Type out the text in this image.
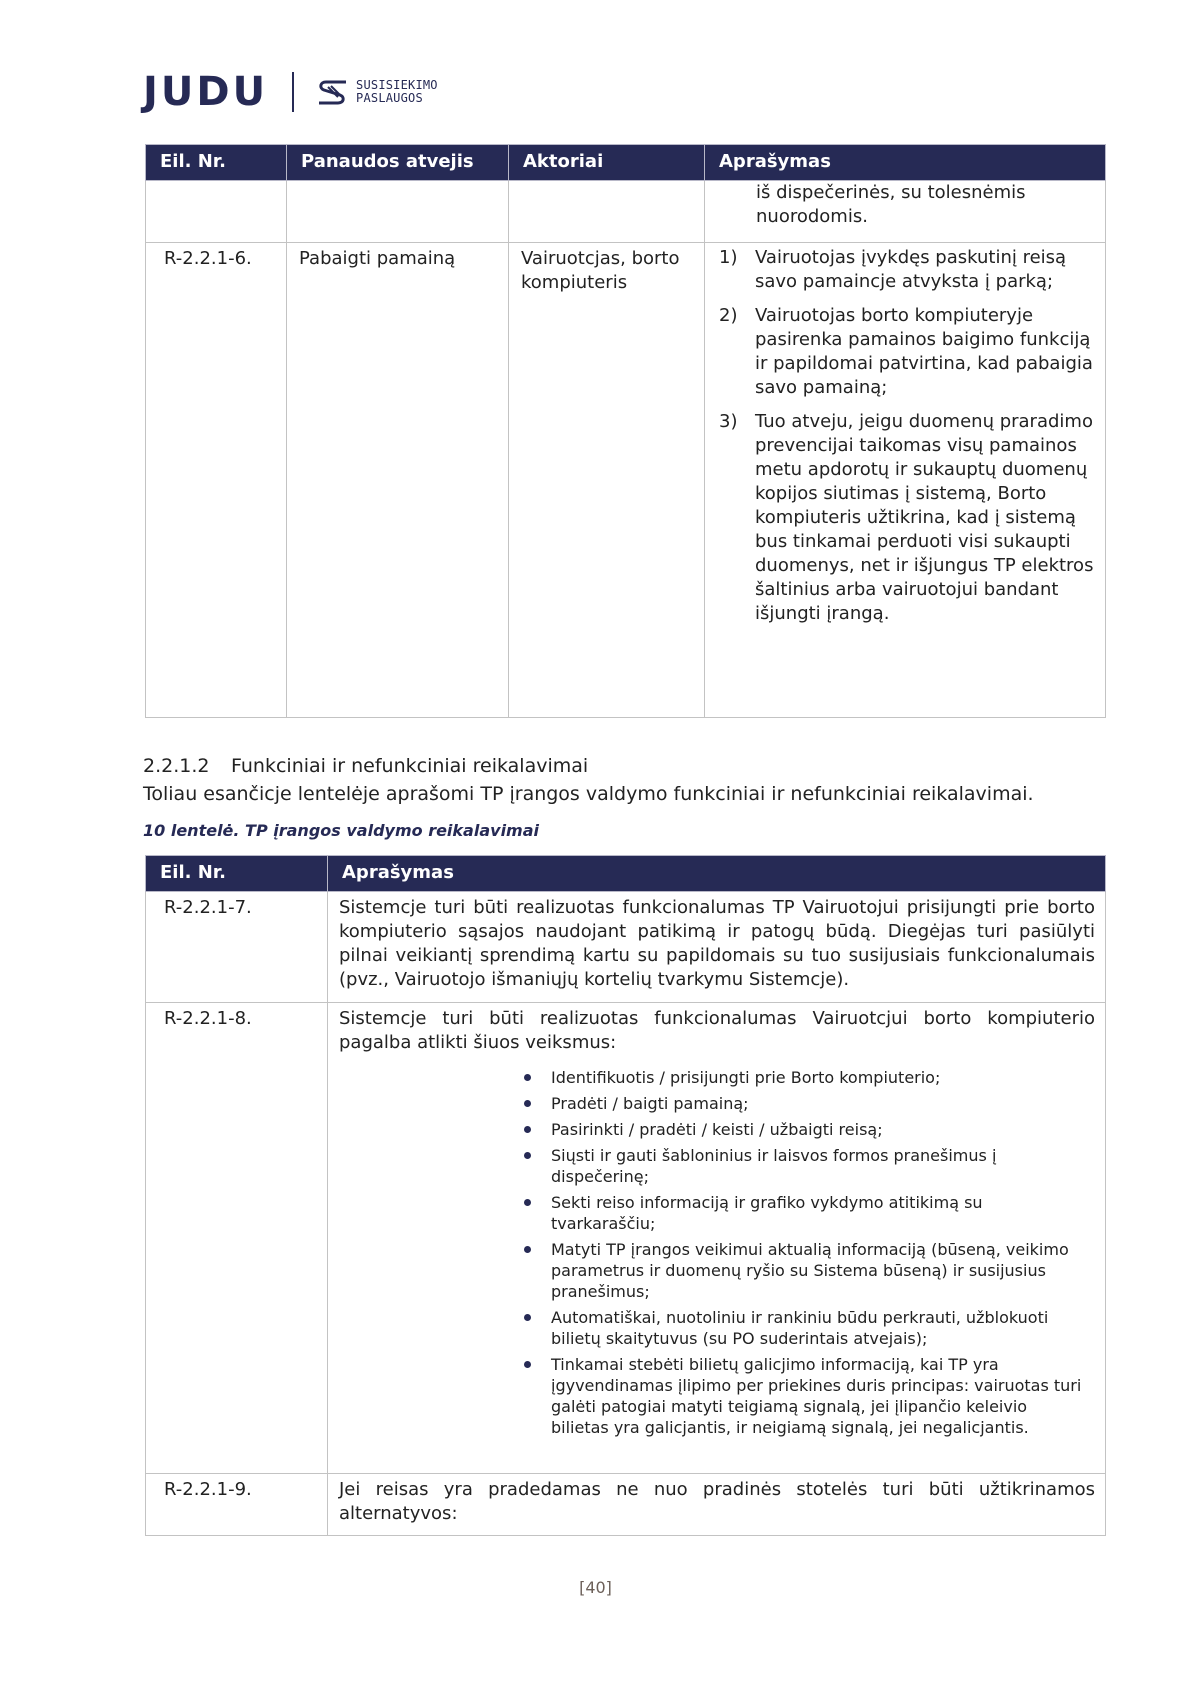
JUDU	SUSISIEKIMO
PASLAUGOS
Eil. Nr.	Panaudos atvejis	Aktoriai	Aprašymas
			iš dispečerinės, su tolesnėmis nuorodomis.
R-2.2.1-6.	Pabaigti pamainą	Vairuotcjas, borto kompiuteris	
1) Vairuotojas įvykdęs paskutinį reisą savo pamaincje atvyksta į parką;
2) Vairuotojas borto kompiuteryje pasirenka pamainos baigimo funkciją ir papildomai patvirtina, kad pabaigia savo pamainą;
3) Tuo atveju, jeigu duomenų praradimo prevencijai taikomas visų pamainos metu apdorotų ir sukauptų duomenų kopijos siutimas į sistemą, Borto kompiuteris užtikrina, kad į sistemą bus tinkamai perduoti visi sukaupti duomenys, net ir išjungus TP elektros šaltinius arba vairuotojui bandant išjungti įrangą.
2.2.1.2 Funkciniai ir nefunkciniai reikalavimai
Toliau esančicje lentelėje aprašomi TP įrangos valdymo funkciniai ir nefunkciniai reikalavimai.
10 lentelė. TP įrangos valdymo reikalavimai
Eil. Nr.	Aprašymas
R-2.2.1-7.	Sistemcje turi būti realizuotas funkcionalumas TP Vairuotojui prisijungti prie borto kompiuterio sąsajos naudojant patikimą ir patogų būdą. Diegėjas turi pasiūlyti pilnai veikiantį sprendimą kartu su papildomais su tuo susijusiais funkcionalumais (pvz., Vairuotojo išmaniųjų kortelių tvarkymu Sistemcje).
R-2.2.1-8.	Sistemcje turi būti realizuotas funkcionalumas Vairuotcjui borto kompiuterio pagalba atlikti šiuos veiksmus:
Identifikuotis / prisijungti prie Borto kompiuterio;
Pradėti / baigti pamainą;
Pasirinkti / pradėti / keisti / užbaigti reisą;
Siųsti ir gauti šabloninius ir laisvos formos pranešimus į dispečerinę;
Sekti reiso informaciją ir grafiko vykdymo atitikimą su tvarkaraščiu;
Matyti TP įrangos veikimui aktualią informaciją (būseną, veikimo parametrus ir duomenų ryšio su Sistema būseną) ir susijusius pranešimus;
Automatiškai, nuotoliniu ir rankiniu būdu perkrauti, užblokuoti bilietų skaitytuvus (su PO suderintais atvejais);
Tinkamai stebėti bilietų galicjimo informaciją, kai TP yra įgyvendinamas įlipimo per priekines duris principas: vairuotas turi galėti patogiai matyti teigiamą signalą, jei įlipančio keleivio bilietas yra galicjantis, ir neigiamą signalą, jei negalicjantis.

R-2.2.1-9.	Jei reisas yra pradedamas ne nuo pradinės stotelės turi būti užtikrinamos alternatyvos:
[40]
